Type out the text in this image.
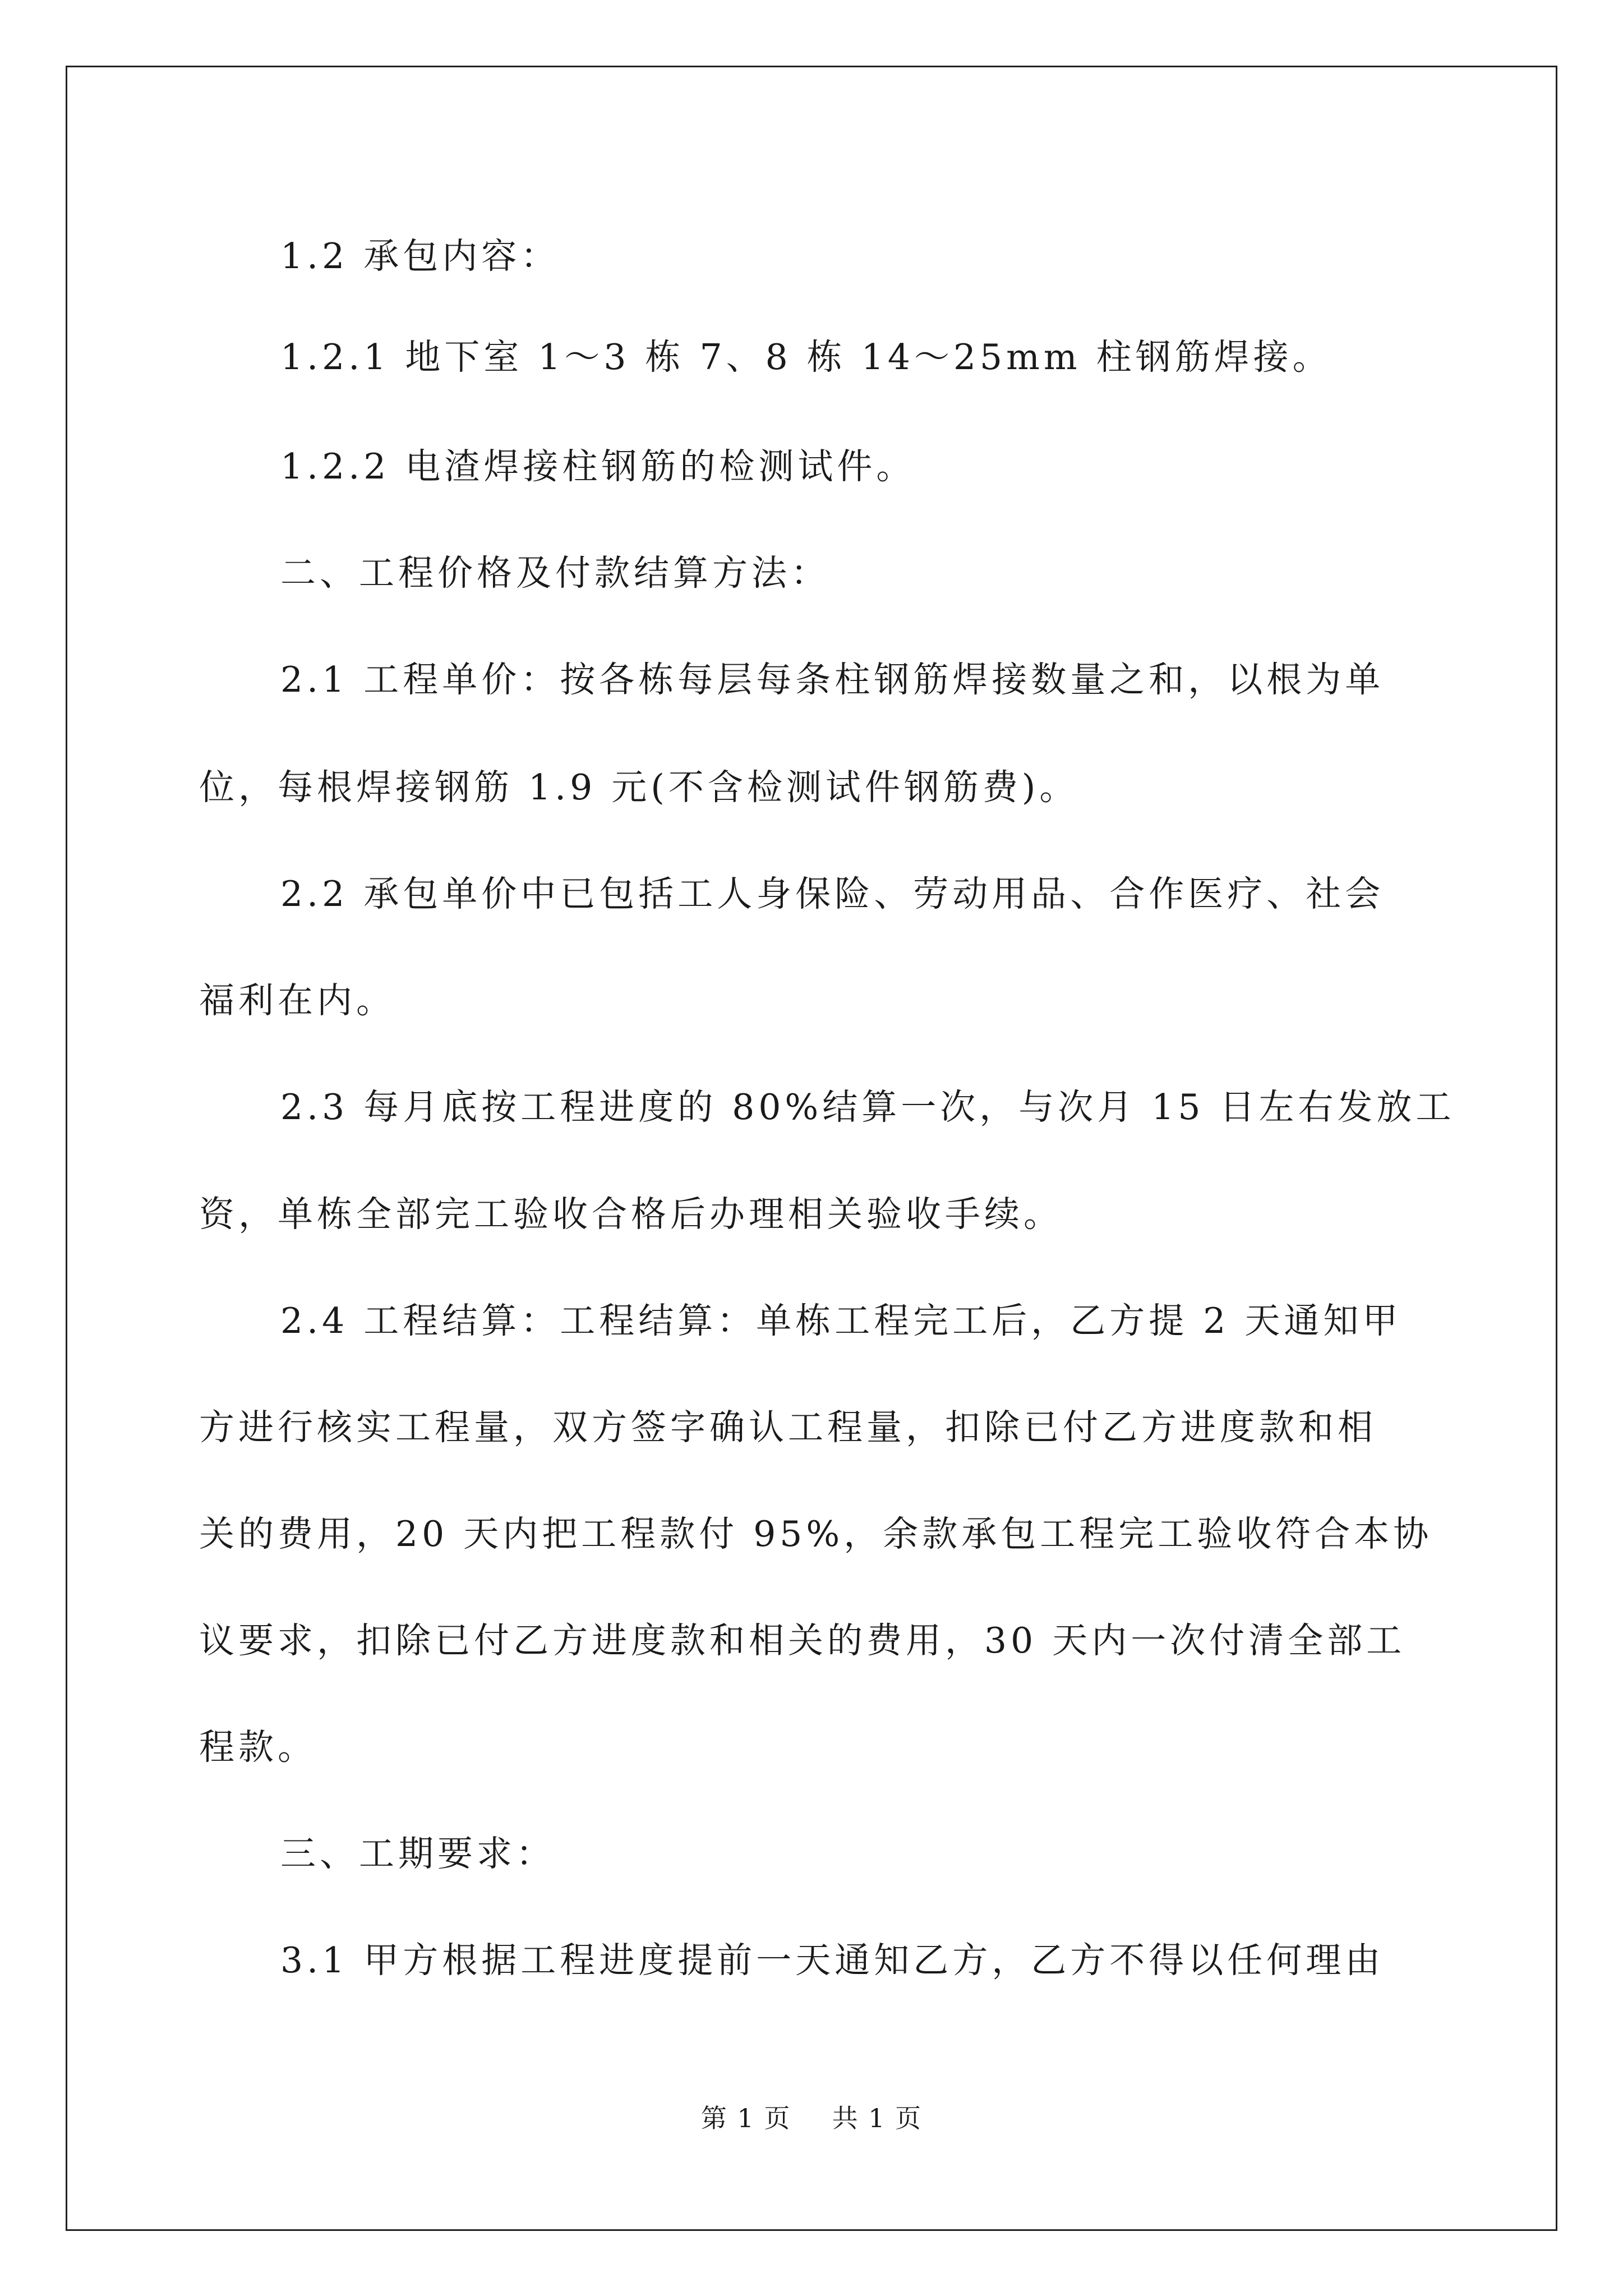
1.2 承包内容：
1.2.1 地下室 1～3 栋 7、8 栋 14～25mm 柱钢筋焊接。
1.2.2 电渣焊接柱钢筋的检测试件。
二、工程价格及付款结算方法：
2.1 工程单价：按各栋每层每条柱钢筋焊接数量之和，以根为单
位，每根焊接钢筋 1.9 元(不含检测试件钢筋费)。
2.2 承包单价中已包括工人身保险、劳动用品、合作医疗、社会
福利在内。
2.3 每月底按工程进度的 80%结算一次，与次月 15 日左右发放工
资，单栋全部完工验收合格后办理相关验收手续。
2.4 工程结算：工程结算：单栋工程完工后，乙方提 2 天通知甲
方进行核实工程量，双方签字确认工程量，扣除已付乙方进度款和相
关的费用，20 天内把工程款付 95%，余款承包工程完工验收符合本协
议要求，扣除已付乙方进度款和相关的费用，30 天内一次付清全部工
程款。
三、工期要求：
3.1 甲方根据工程进度提前一天通知乙方，乙方不得以任何理由
第 1 页 共 1 页
